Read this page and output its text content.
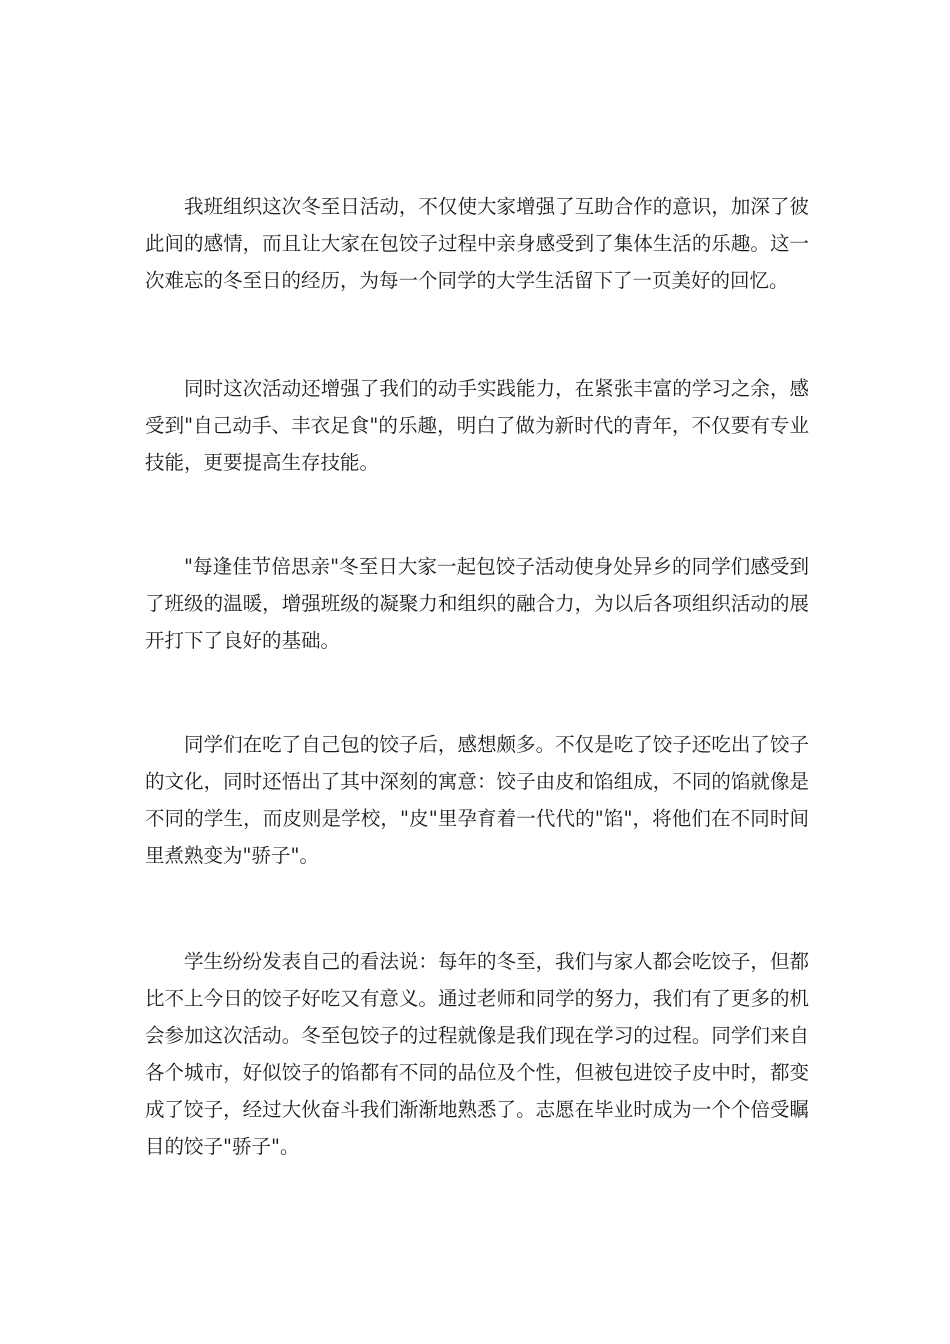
我班组织这次冬至日活动，不仅使大家增强了互助合作的意识，加深了彼此间的感情，而且让大家在包饺子过程中亲身感受到了集体生活的乐趣。这一次难忘的冬至日的经历，为每一个同学的大学生活留下了一页美好的回忆。

同时这次活动还增强了我们的动手实践能力，在紧张丰富的学习之余，感受到"自己动手、丰衣足食"的乐趣，明白了做为新时代的青年，不仅要有专业技能，更要提高生存技能。

"每逢佳节倍思亲"冬至日大家一起包饺子活动使身处异乡的同学们感受到了班级的温暖，增强班级的凝聚力和组织的融合力，为以后各项组织活动的展开打下了良好的基础。

同学们在吃了自己包的饺子后，感想颇多。不仅是吃了饺子还吃出了饺子的文化，同时还悟出了其中深刻的寓意：饺子由皮和馅组成，不同的馅就像是不同的学生，而皮则是学校，"皮"里孕育着一代代的"馅"，将他们在不同时间里煮熟变为"骄子"。

学生纷纷发表自己的看法说：每年的冬至，我们与家人都会吃饺子，但都比不上今日的饺子好吃又有意义。通过老师和同学的努力，我们有了更多的机会参加这次活动。冬至包饺子的过程就像是我们现在学习的过程。同学们来自各个城市，好似饺子的馅都有不同的品位及个性，但被包进饺子皮中时，都变成了饺子，经过大伙奋斗我们渐渐地熟悉了。志愿在毕业时成为一个个倍受瞩目的饺子"骄子"。
